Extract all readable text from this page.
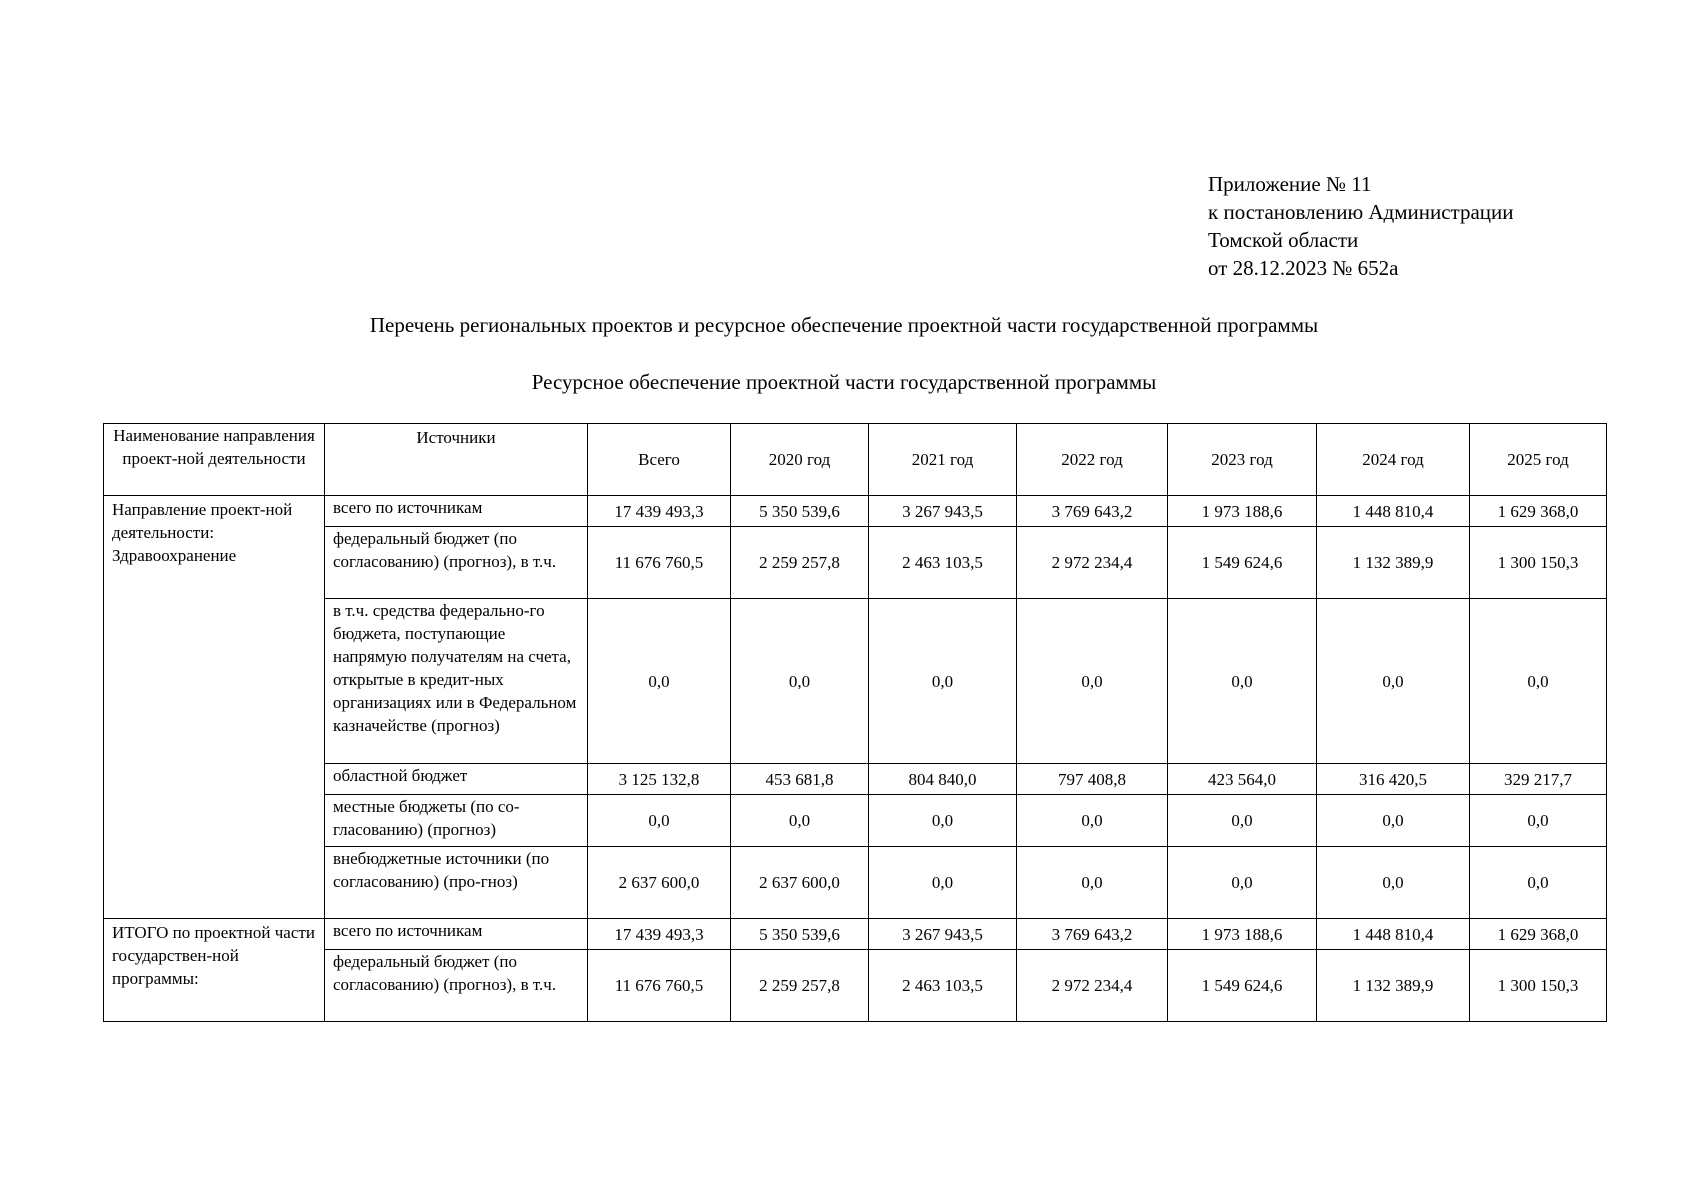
Приложение № 11
к постановлению Администрации
Томской области
от 28.12.2023 № 652а
Перечень региональных проектов и ресурсное обеспечение проектной части государственной программы
Ресурсное обеспечение проектной части государственной программы
Наименование направления проект-ной деятельности	Источники	Всего	2020 год	2021 год	2022 год	2023 год	2024 год	2025 год
Направление проект-ной деятельности: Здравоохранение	всего по источникам	17 439 493,3	5 350 539,6	3 267 943,5	3 769 643,2	1 973 188,6	1 448 810,4	1 629 368,0
	федеральный бюджет (по согласованию) (прогноз), в т.ч.	11 676 760,5	2 259 257,8	2 463 103,5	2 972 234,4	1 549 624,6	1 132 389,9	1 300 150,3
	в т.ч. средства федерально-го бюджета, поступающие напрямую получателям на счета, открытые в кредит-ных организациях или в Федеральном казначействе (прогноз)	0,0	0,0	0,0	0,0	0,0	0,0	0,0
	областной бюджет	3 125 132,8	453 681,8	804 840,0	797 408,8	423 564,0	316 420,5	329 217,7
	местные бюджеты (по со-гласованию) (прогноз)	0,0	0,0	0,0	0,0	0,0	0,0	0,0
	внебюджетные источники (по согласованию) (про-гноз)	2 637 600,0	2 637 600,0	0,0	0,0	0,0	0,0	0,0
ИТОГО по проектной части государствен-ной программы:	всего по источникам	17 439 493,3	5 350 539,6	3 267 943,5	3 769 643,2	1 973 188,6	1 448 810,4	1 629 368,0
	федеральный бюджет (по согласованию) (прогноз), в т.ч.	11 676 760,5	2 259 257,8	2 463 103,5	2 972 234,4	1 549 624,6	1 132 389,9	1 300 150,3
